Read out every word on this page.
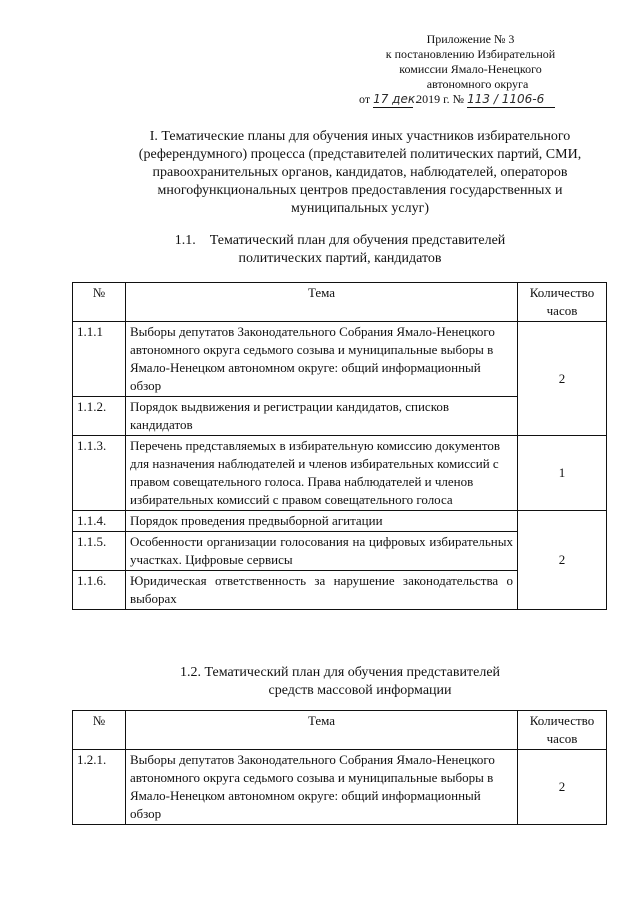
Приложение № 3
к постановлению Избирательной
комиссии Ямало-Ненецкого
автономного округа
от 17 дек. 2019 г. № 113 / 1106-6
I. Тематические планы для обучения иных участников избирательного (референдумного) процесса (представителей политических партий, СМИ, правоохранительных органов, кандидатов, наблюдателей, операторов многофункциональных центров предоставления государственных и муниципальных услуг)
1.1.    Тематический план для обучения представителей
политических партий, кандидатов
№	Тема	Количество часов
1.1.1	Выборы депутатов Законодательного Собрания Ямало-Ненецкого автономного округа седьмого созыва и муниципальные выборы в Ямало-Ненецком автономном округе: общий информационный обзор	2
1.1.2.	Порядок выдвижения и регистрации кандидатов, списков кандидатов	
1.1.3.	Перечень представляемых в избирательную комиссию документов для назначения наблюдателей и членов избирательных комиссий с правом совещательного голоса. Права наблюдателей и членов избирательных комиссий с правом совещательного голоса	1
1.1.4.	Порядок проведения предвыборной агитации	2
1.1.5.	Особенности организации голосования на цифровых избирательных участках. Цифровые сервисы	
1.1.6.	Юридическая ответственность за нарушение законодательства о выборах	
1.2. Тематический план для обучения представителей
средств массовой информации
№	Тема	Количество часов
1.2.1.	Выборы депутатов Законодательного Собрания Ямало-Ненецкого автономного округа седьмого созыва и муниципальные выборы в Ямало-Ненецком автономном округе: общий информационный обзор	2
